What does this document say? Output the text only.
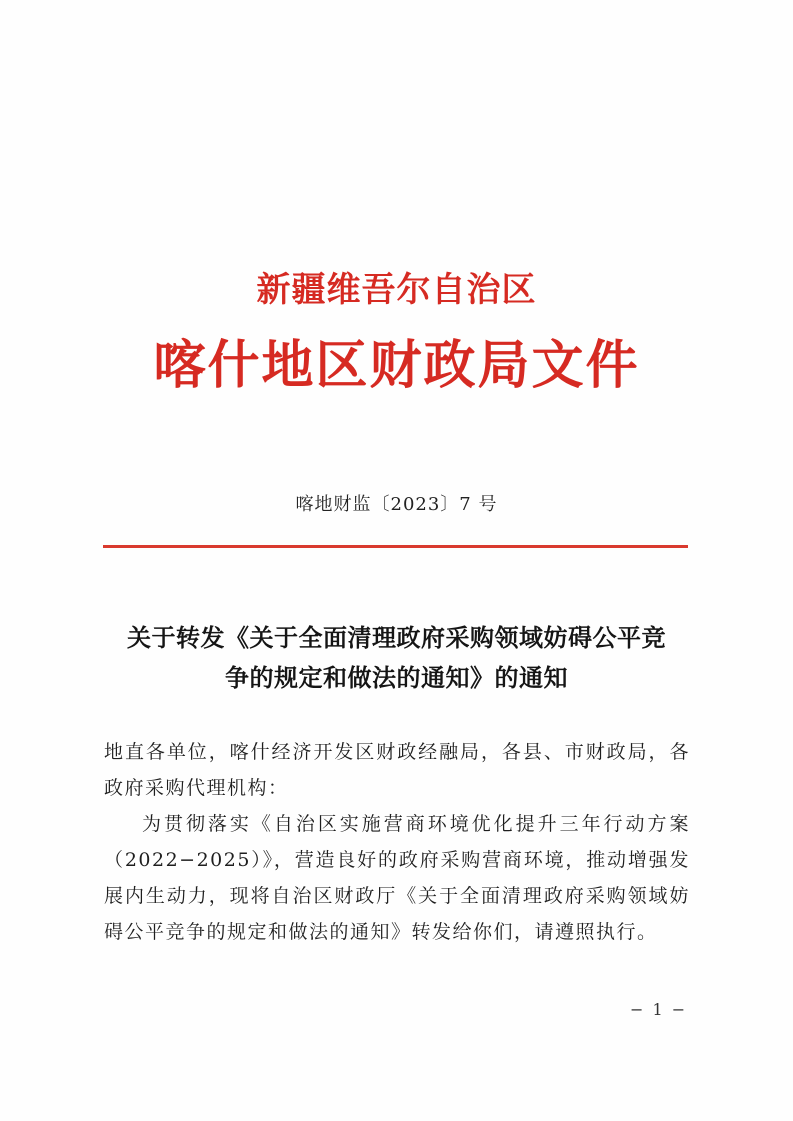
新疆维吾尔自治区
喀什地区财政局文件
喀地财监〔2023〕7 号
关于转发《关于全面清理政府采购领域妨碍公平竞
争的规定和做法的通知》的通知
地直各单位，喀什经济开发区财政经融局，各县、市财政局，各政府采购代理机构：
为贯彻落实《自治区实施营商环境优化提升三年行动方案（2022−2025）》，营造良好的政府采购营商环境，推动增强发展内生动力，现将自治区财政厅《关于全面清理政府采购领域妨碍公平竞争的规定和做法的通知》转发给你们，请遵照执行。
− 1 −
